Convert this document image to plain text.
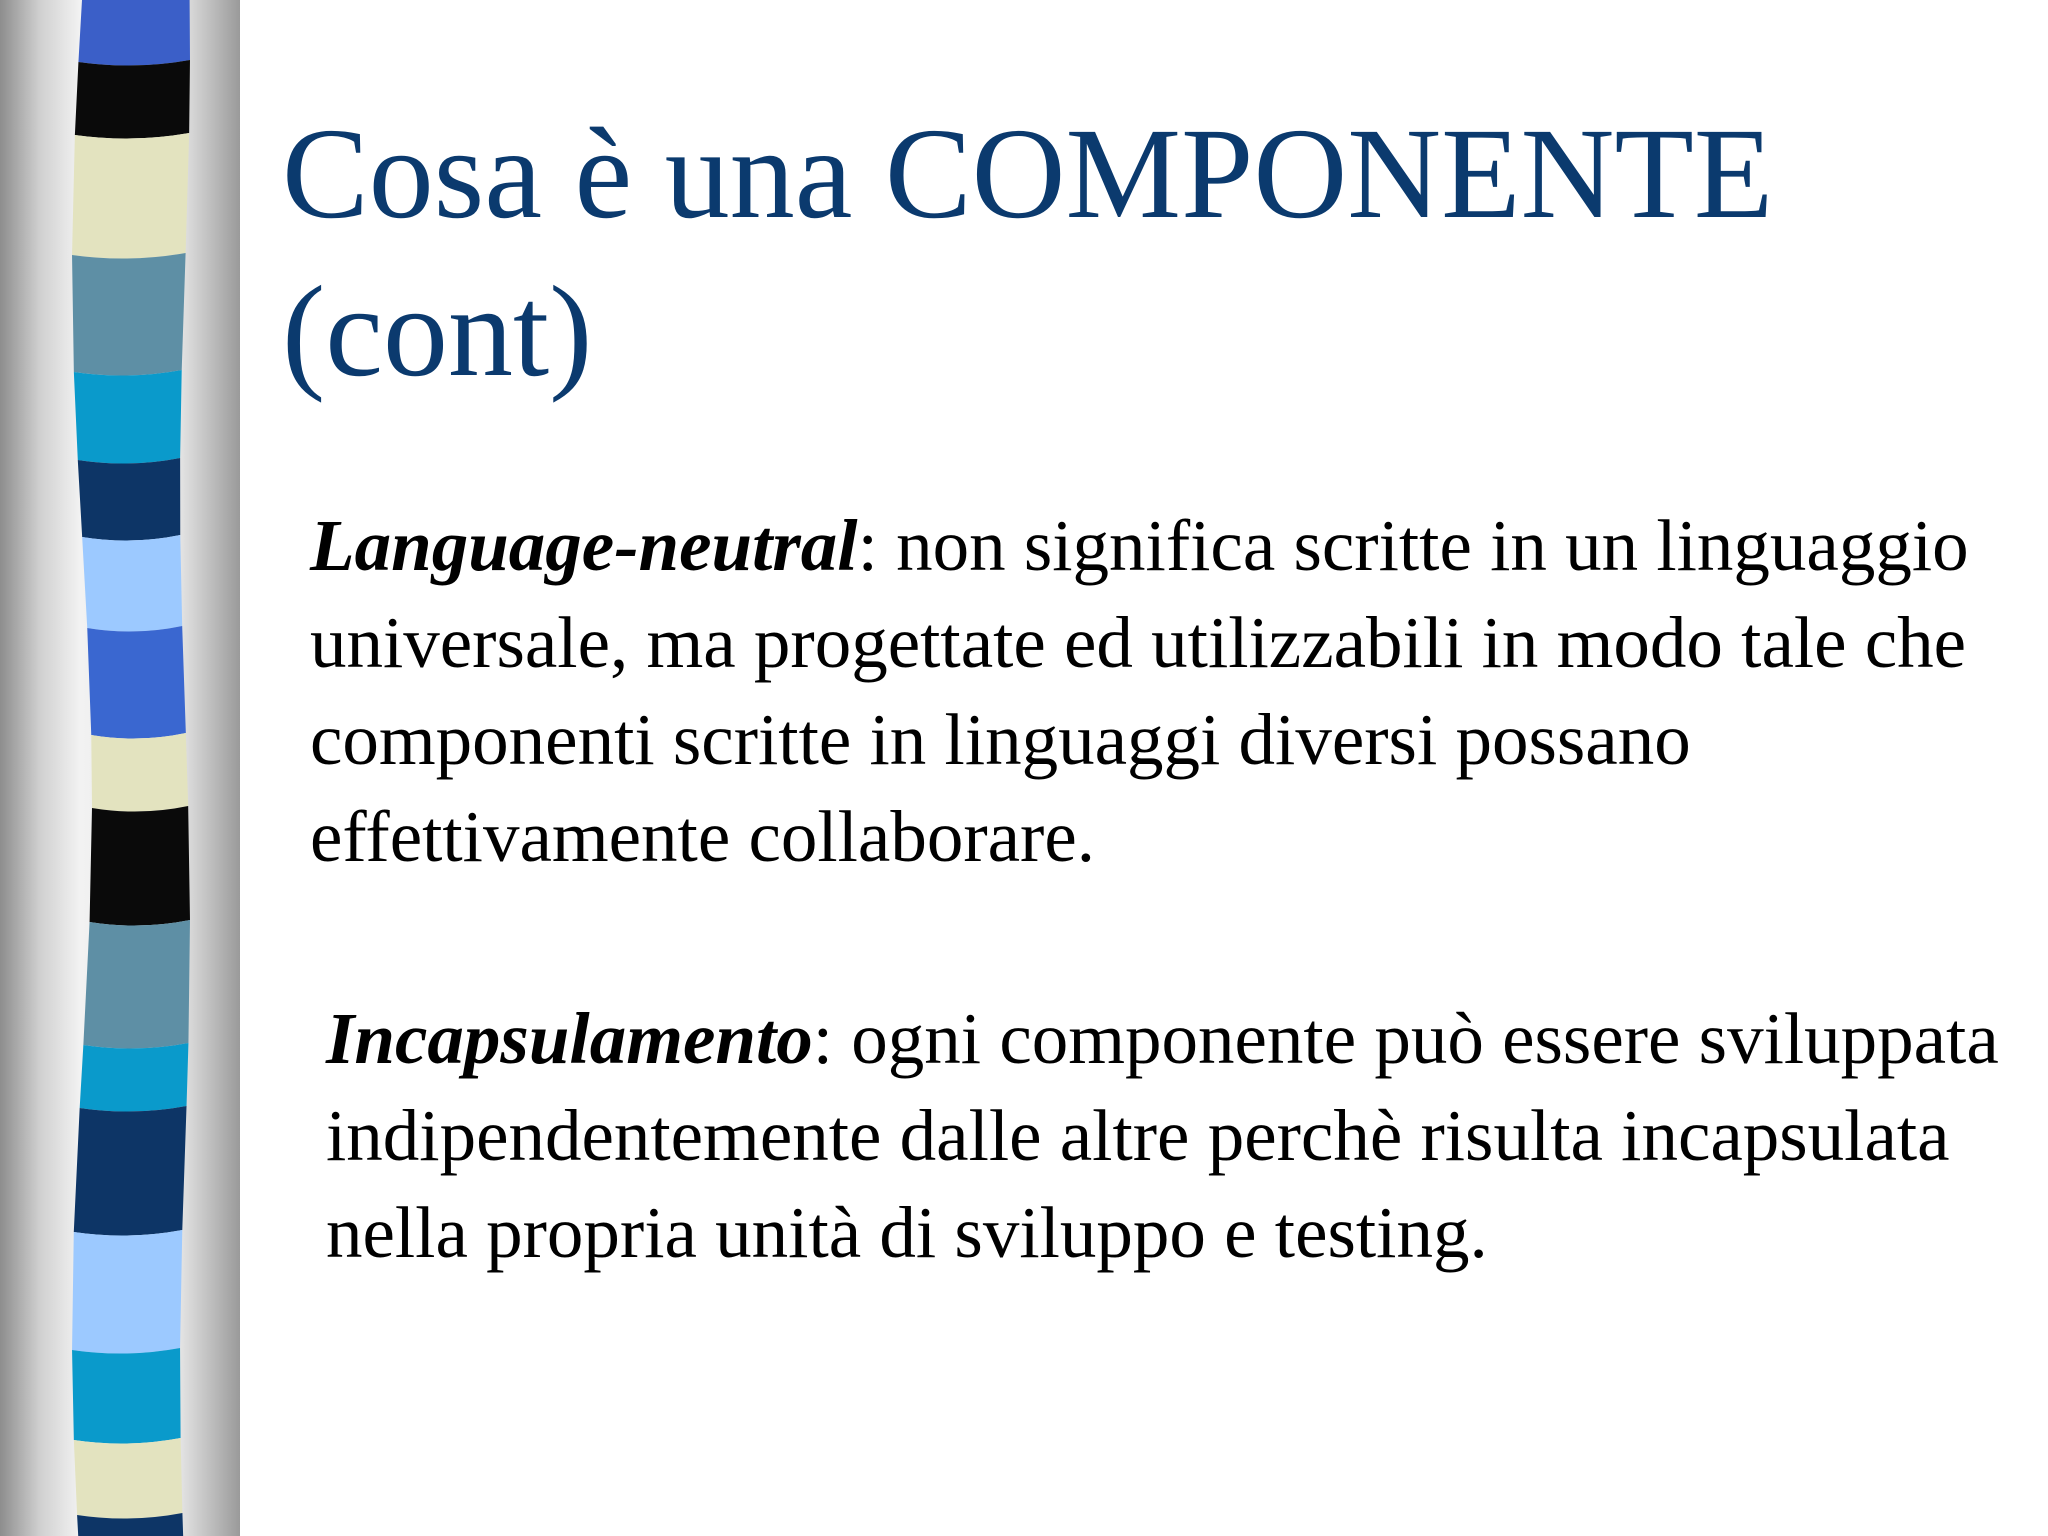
Cosa è una COMPONENTE
(cont)

Language-neutral: non significa scritte in un linguaggio universale, ma progettate ed utilizzabili in modo tale che componenti scritte in linguaggi diversi possano effettivamente collaborare.

Incapsulamento: ogni componente può essere sviluppata indipendentemente dalle altre perchè risulta incapsulata nella propria unità di sviluppo e testing.
